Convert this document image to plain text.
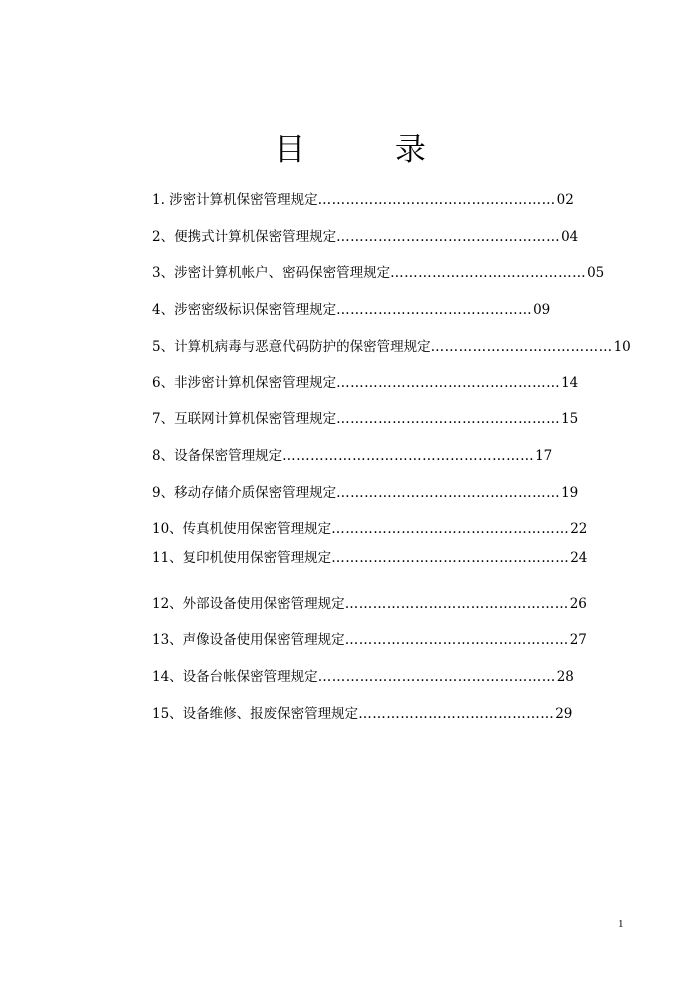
目 录
1. 涉密计算机保密管理规定……………………………………………02
2、便携式计算机保密管理规定…………………………………………04
3、涉密计算机帐户、密码保密管理规定……………………………………05
4、涉密密级标识保密管理规定……………………………………09
5、计算机病毒与恶意代码防护的保密管理规定…………………………………10
6、非涉密计算机保密管理规定…………………………………………14
7、互联网计算机保密管理规定…………………………………………15
8、设备保密管理规定………………………………………………17
9、移动存储介质保密管理规定…………………………………………19
10、传真机使用保密管理规定……………………………………………22
11、复印机使用保密管理规定……………………………………………24
12、外部设备使用保密管理规定…………………………………………26
13、声像设备使用保密管理规定…………………………………………27
14、设备台帐保密管理规定……………………………………………28
15、设备维修、报废保密管理规定……………………………………29
1
